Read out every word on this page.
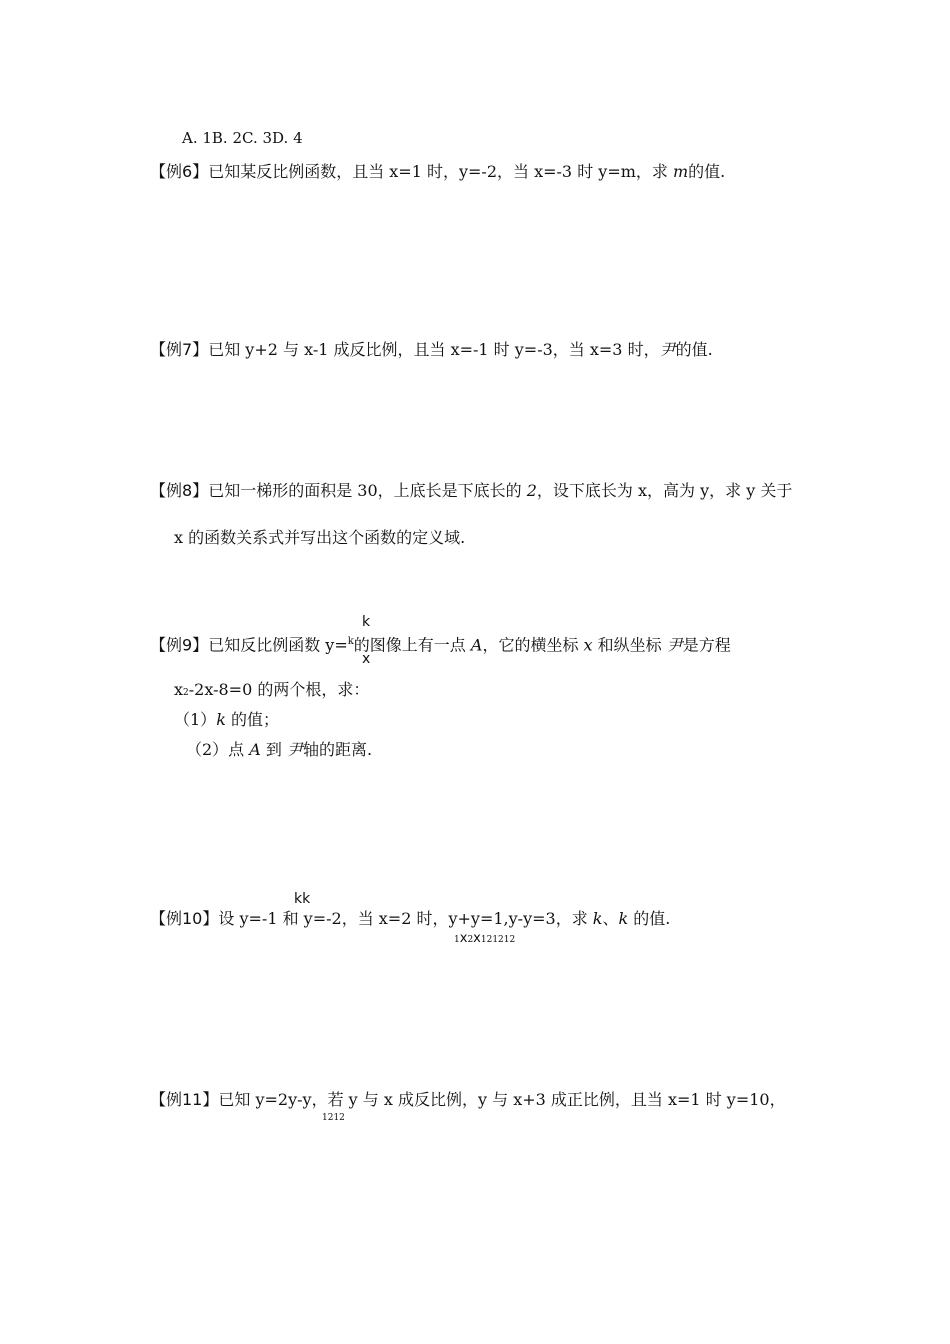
A. 1B. 2C. 3D. 4
【例6】已知某反比例函数，且当 x=1 时，y=-2，当 x=-3 时 y=m，求 m的值.
【例7】已知 y+2 与 x-1 成反比例，且当 x=-1 时 y=-3，当 x=3 时，尹的值.
【例8】已知一梯形的面积是 30，上底长是下底长的 2，设下底长为 x，高为 y，求 y 关于
x 的函数关系式并写出这个函数的定义域.
k
【例9】已知反比例函数 y=$^k$的图像上有一点 A，它的横坐标 x 和纵坐标 尹是方程
x
x2-2x-8=0 的两个根，求：
（1）k 的值；
（2）点 A 到 尹轴的距离.
kk
【例10】设 y=-1 和 y=-2，当 x=2 时，y+y=1,y-y=3，求 k、k 的值.
1x2x121212
【例11】已知 y=2y-y，若 y 与 x 成反比例，y 与 x+3 成正比例，且当 x=1 时 y=10，
1212
